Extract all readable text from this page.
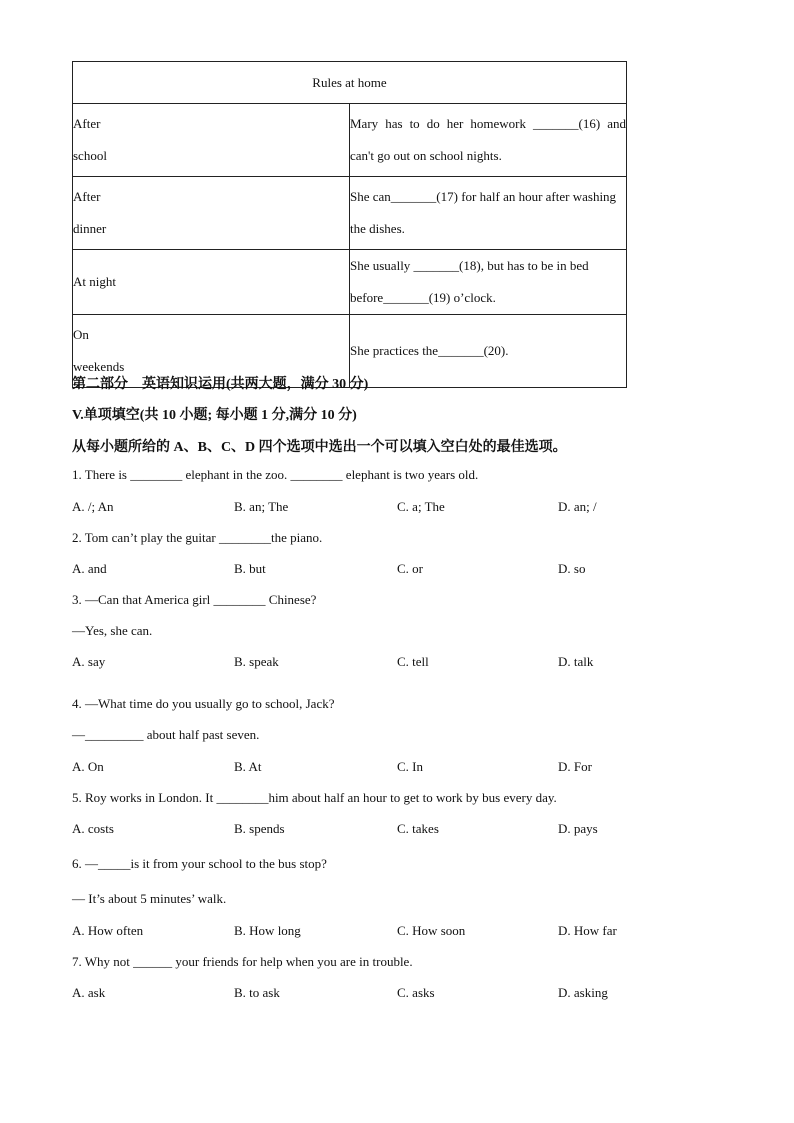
Rules at home	
After
school	Mary has to do her homework _______(16) and can't go out on school nights.
After
dinner	She can_______(17) for half an hour after washing the dishes.
At night	She usually _______(18), but has to be in bed before_______(19) o’clock.
On
weekends	She practices the_______(20).
第二部分　英语知识运用(共两大题，满分 30 分)
V.单项填空(共 10 小题; 每小题 1 分,满分 10 分)
从每小题所给的 A、B、C、D 四个选项中选出一个可以填入空白处的最佳选项。
1. There is ________ elephant in the zoo. ________ elephant is two years old.
A. /; An	B. an; The	C. a; The	D. an; /
2. Tom can’t play the guitar ________the piano.
A. and	B. but	C. or	D. so
3. —Can that America girl ________ Chinese?
—Yes, she can.
A. say	B. speak	C. tell	D. talk
4. —What time do you usually go to school, Jack?
—_________ about half past seven.
A. On	B. At	C. In	D. For
5. Roy works in London. It ________him about half an hour to get to work by bus every day.
A. costs	B. spends	C. takes	D. pays
6. —_____is it from your school to the bus stop?
— It’s about 5 minutes’ walk.
A. How often	B. How long	C. How soon	D. How far
7. Why not ______ your friends for help when you are in trouble.
A. ask	B. to ask	C. asks	D. asking
